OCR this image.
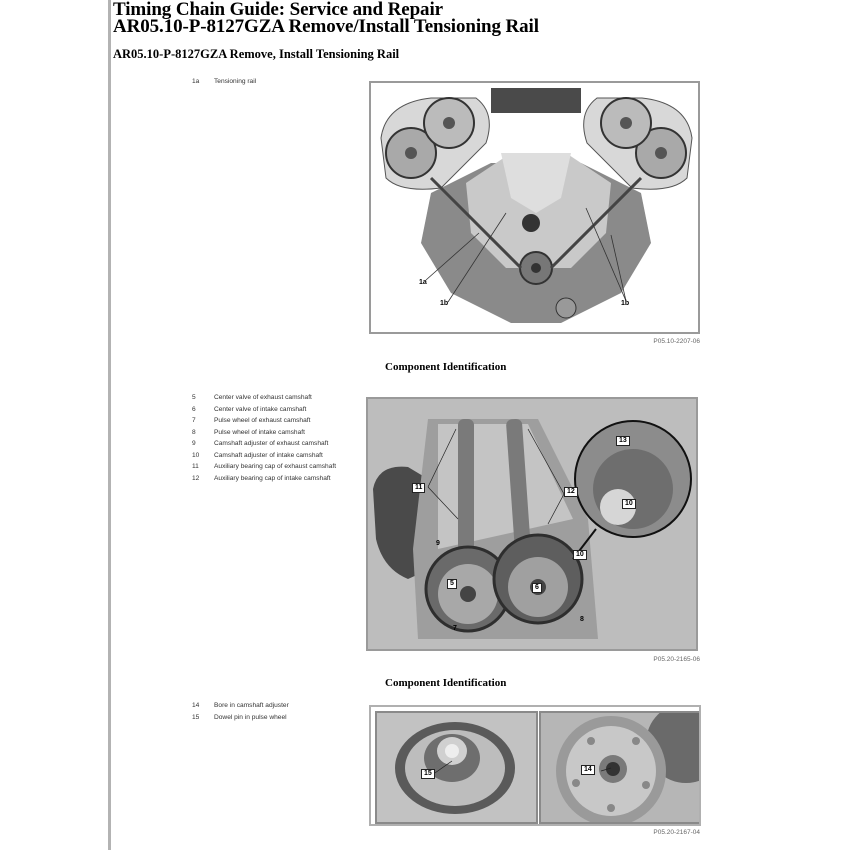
Timing Chain Guide: Service and Repair
AR05.10-P-8127GZA Remove/Install Tensioning Rail
AR05.10-P-8127GZA Remove, Install Tensioning Rail
1a	Tensioning rail
1a
1b	1b
P05.10-2207-06
Component Identification
5	Center valve of exhaust camshaft
6	Center valve of intake camshaft
7	Pulse wheel of exhaust camshaft
8	Pulse wheel of intake camshaft
9	Camshaft adjuster of exhaust camshaft
10	Camshaft adjuster of intake camshaft
11	Auxiliary bearing cap of exhaust camshaft
12	Auxiliary bearing cap of intake camshaft
11
12
13
10
9
10
5
6
7
8
P05.20-2165-06
Component Identification
14	Bore in camshaft adjuster
15	Dowel pin in pulse wheel
15
14
P05.20-2167-04
